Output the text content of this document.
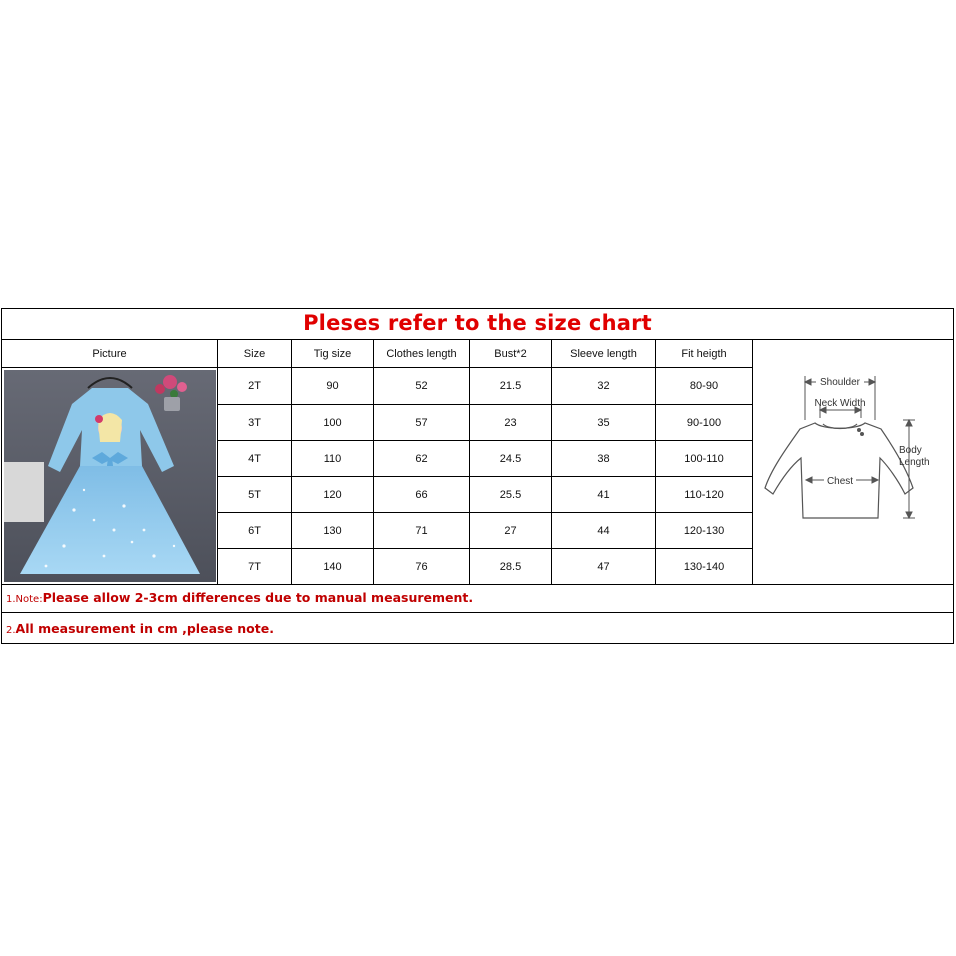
Pleses refer to the size chart
Picture	Size	Tig size	Clothes length	Bust*2	Sleeve length	Fit heigth	Shoulder
Neck Width
Chest
Body
Length

	2T	90	52	21.5	32	80-90	
	3T	100	57	23	35	90-100	
	4T	110	62	24.5	38	100-110	
	5T	120	66	25.5	41	110-120	
	6T	130	71	27	44	120-130	
	7T	140	76	28.5	47	130-140	
1.Note:Please allow 2-3cm differences due to manual measurement.
2.All measurement in cm ,please note.
